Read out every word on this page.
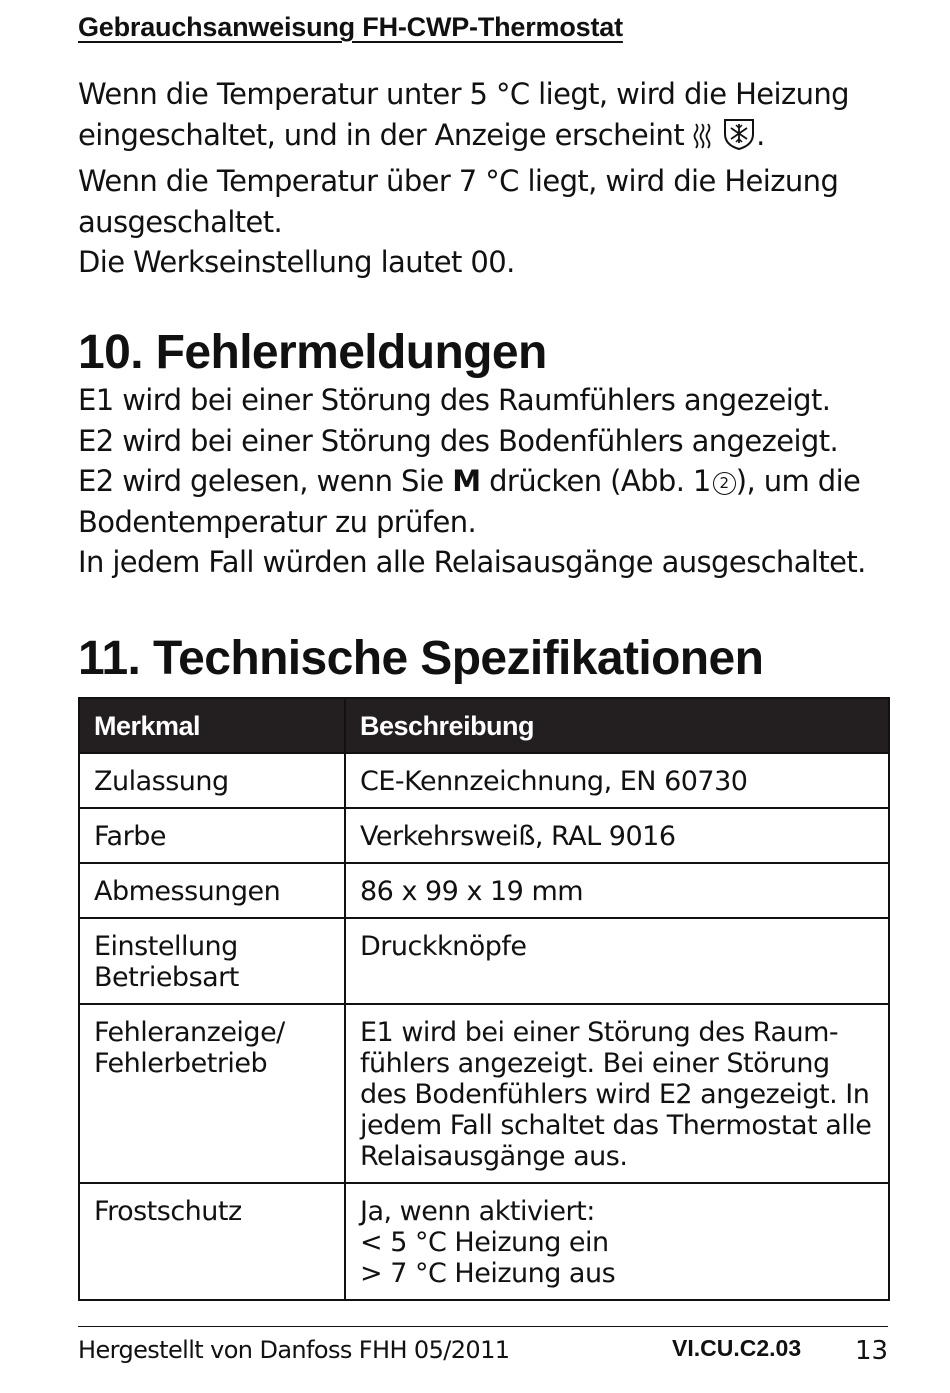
Gebrauchsanweisung FH-CWP-Thermostat

Wenn die Temperatur unter 5 °C liegt, wird die Heizung eingeschaltet, und in der Anzeige erscheint .

Wenn die Temperatur über 7 °C liegt, wird die Heizung ausgeschaltet.

Die Werkseinstellung lautet 00.

10. Fehlermeldungen

E1 wird bei einer Störung des Raumfühlers angezeigt.

E2 wird bei einer Störung des Bodenfühlers angezeigt.

E2 wird gelesen, wenn Sie M drücken (Abb. 1 2 ), um die Bodentemperatur zu prüfen.

In jedem Fall würden alle Relaisausgänge ausgeschaltet.

11. Technische Spezifikationen
Merkmal	Beschreibung

Zulassung	CE-Kennzeichnung, EN 60730

Farbe	Verkehrsweiß, RAL 9016

Abmessungen	86 x 99 x 19 mm

Einstellung
Betriebsart	Druckknöpfe

Fehleranzeige/
Fehlerbetrieb	E1 wird bei einer Störung des Raum-
fühlers angezeigt. Bei einer Störung
des Bodenfühlers wird E2 angezeigt. In
jedem Fall schaltet das Thermostat alle
Relaisausgänge aus.

Frostschutz	Ja, wenn aktiviert:
< 5 °C Heizung ein
> 7 °C Heizung aus
Hergestellt von Danfoss FHH 05/2011	VI.CU.C2.03 13
